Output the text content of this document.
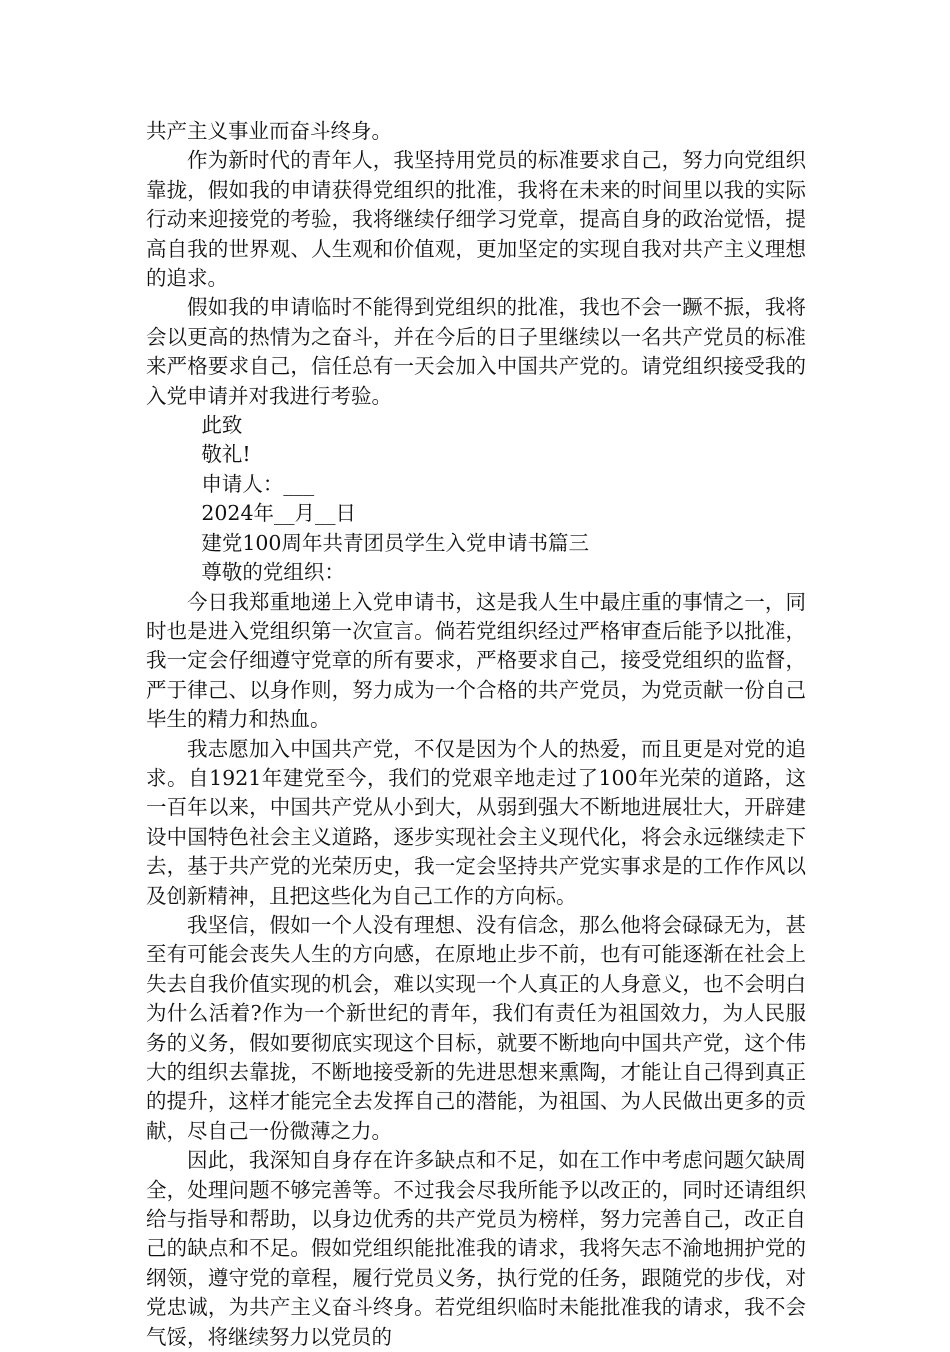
共产主义事业而奋斗终身。

作为新时代的青年人，我坚持用党员的标准要求自己，努力向党组织靠拢，假如我的申请获得党组织的批准，我将在未来的时间里以我的实际行动来迎接党的考验，我将继续仔细学习党章，提高自身的政治觉悟，提高自我的世界观、人生观和价值观，更加坚定的实现自我对共产主义理想的追求。

假如我的申请临时不能得到党组织的批准，我也不会一蹶不振，我将会以更高的热情为之奋斗，并在今后的日子里继续以一名共产党员的标准来严格要求自己，信任总有一天会加入中国共产党的。请党组织接受我的入党申请并对我进行考验。

此致

敬礼!

申请人：___

2024年__月__日

建党100周年共青团员学生入党申请书篇三

尊敬的党组织：

今日我郑重地递上入党申请书，这是我人生中最庄重的事情之一，同时也是进入党组织第一次宣言。倘若党组织经过严格审查后能予以批准，我一定会仔细遵守党章的所有要求，严格要求自己，接受党组织的监督，严于律己、以身作则，努力成为一个合格的共产党员，为党贡献一份自己毕生的精力和热血。

我志愿加入中国共产党，不仅是因为个人的热爱，而且更是对党的追求。自1921年建党至今，我们的党艰辛地走过了100年光荣的道路，这一百年以来，中国共产党从小到大，从弱到强大不断地进展壮大，开辟建设中国特色社会主义道路，逐步实现社会主义现代化，将会永远继续走下去，基于共产党的光荣历史，我一定会坚持共产党实事求是的工作作风以及创新精神，且把这些化为自己工作的方向标。

我坚信，假如一个人没有理想、没有信念，那么他将会碌碌无为，甚至有可能会丧失人生的方向感，在原地止步不前，也有可能逐渐在社会上失去自我价值实现的机会，难以实现一个人真正的人身意义，也不会明白为什么活着?作为一个新世纪的青年，我们有责任为祖国效力，为人民服务的义务，假如要彻底实现这个目标，就要不断地向中国共产党，这个伟大的组织去靠拢，不断地接受新的先进思想来熏陶，才能让自己得到真正的提升，这样才能完全去发挥自己的潜能，为祖国、为人民做出更多的贡献，尽自己一份微薄之力。

因此，我深知自身存在许多缺点和不足，如在工作中考虑问题欠缺周全，处理问题不够完善等。不过我会尽我所能予以改正的，同时还请组织给与指导和帮助，以身边优秀的共产党员为榜样，努力完善自己，改正自己的缺点和不足。假如党组织能批准我的请求，我将矢志不渝地拥护党的纲领，遵守党的章程，履行党员义务，执行党的任务，跟随党的步伐，对党忠诚，为共产主义奋斗终身。若党组织临时未能批准我的请求，我不会气馁，将继续努力以党员的
